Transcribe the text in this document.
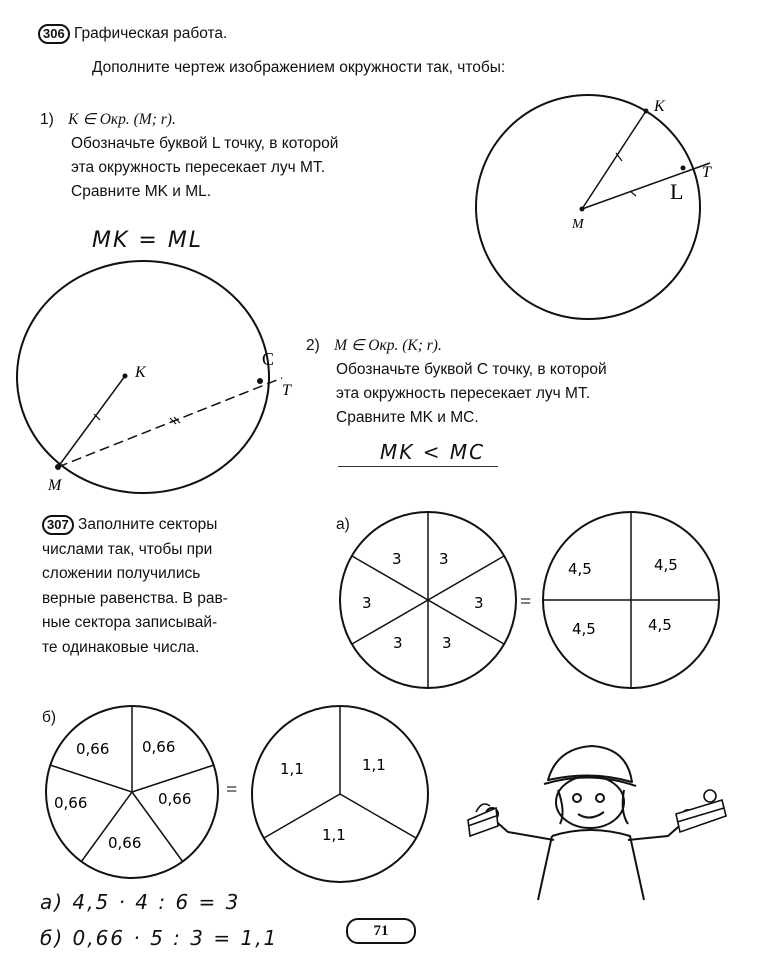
306 Графическая работа.
Дополните чертеж изображением окружности так, чтобы:
1) K ∈ Окр. (M; r).
Обозначьте буквой L точку, в которой
эта окружность пересекает луч MT.
Сравните MK и ML.
MK = ML
2) M ∈ Окр. (K; r).
Обозначьте буквой C точку, в которой
эта окружность пересекает луч MT.
Сравните MK и MC.
MK < MC
K
T
M
L
K
C
T
M
307 Заполните секторы
числами так, чтобы при
сложении получились
верные равенства. В рав-
ные сектора записывай-
те одинаковые числа.
а)
3 3
3	3
3	3
=
4,5	4,5
4,5	4,5
б)
0,66 0,66
0,66	0,66
0,66
=
1,1	1,1
1,1
а) 4,5 · 4 : 6 = 3
б) 0,66 · 5 : 3 = 1,1	71
